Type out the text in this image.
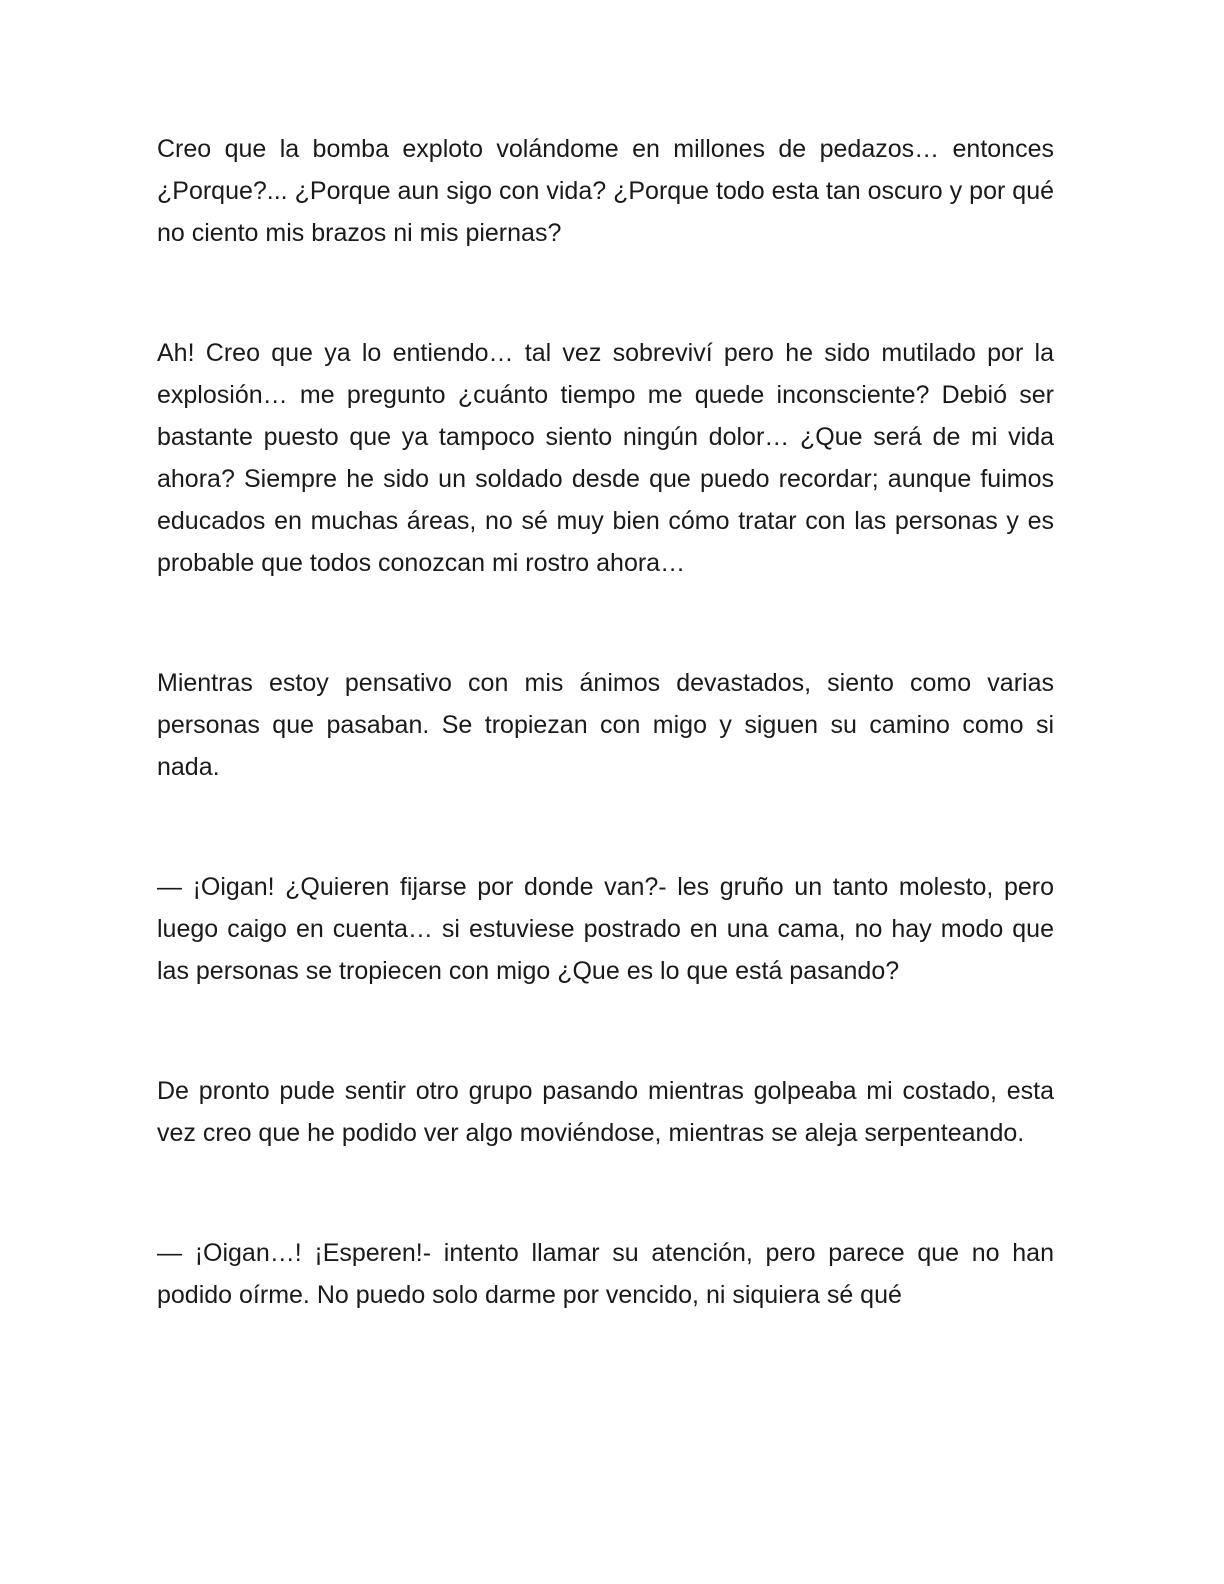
Creo que la bomba exploto volándome en millones de pedazos… entonces ¿Porque?... ¿Porque aun sigo con vida? ¿Porque todo esta tan oscuro y por qué no ciento mis brazos ni mis piernas?

Ah! Creo que ya lo entiendo… tal vez sobreviví pero he sido mutilado por la explosión… me pregunto ¿cuánto tiempo me quede inconsciente? Debió ser bastante puesto que ya tampoco siento ningún dolor… ¿Que será de mi vida ahora? Siempre he sido un soldado desde que puedo recordar; aunque fuimos educados en muchas áreas, no sé muy bien cómo tratar con las personas y es probable que todos conozcan mi rostro ahora…

Mientras estoy pensativo con mis ánimos devastados, siento como varias personas que pasaban. Se tropiezan con migo y siguen su camino como si nada.

— ¡Oigan! ¿Quieren fijarse por donde van?- les gruño un tanto molesto, pero luego caigo en cuenta… si estuviese postrado en una cama, no hay modo que las personas se tropiecen con migo ¿Que es lo que está pasando?

De pronto pude sentir otro grupo pasando mientras golpeaba mi costado, esta vez creo que he podido ver algo moviéndose, mientras se aleja serpenteando.

— ¡Oigan…! ¡Esperen!- intento llamar su atención, pero parece que no han podido oírme. No puedo solo darme por vencido, ni siquiera sé qué
